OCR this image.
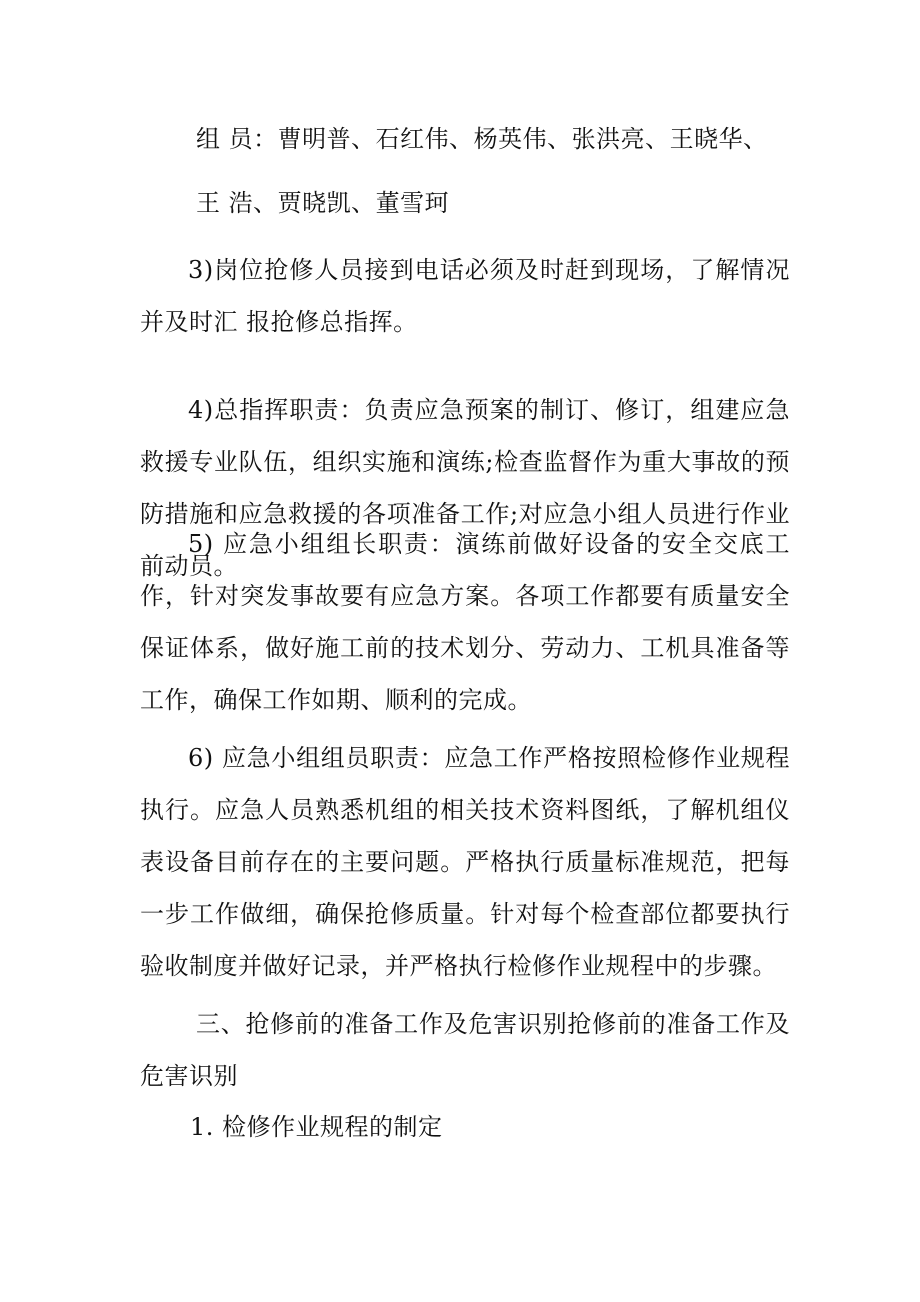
组 员：曹明普、石红伟、杨英伟、张洪亮、王晓华、
王 浩、贾晓凯、董雪珂
3)岗位抢修人员接到电话必须及时赶到现场，了解情况并及时汇 报抢修总指挥。
4)总指挥职责：负责应急预案的制订、修订，组建应急救援专业队伍，组织实施和演练;检查监督作为重大事故的预防措施和应急救援的各项准备工作;对应急小组人员进行作业前动员。
5) 应急小组组长职责：演练前做好设备的安全交底工作，针对突发事故要有应急方案。各项工作都要有质量安全保证体系，做好施工前的技术划分、劳动力、工机具准备等工作，确保工作如期、顺利的完成。
6) 应急小组组员职责：应急工作严格按照检修作业规程执行。应急人员熟悉机组的相关技术资料图纸，了解机组仪表设备目前存在的主要问题。严格执行质量标准规范，把每一步工作做细，确保抢修质量。针对每个检查部位都要执行验收制度并做好记录，并严格执行检修作业规程中的步骤。
三、抢修前的准备工作及危害识别抢修前的准备工作及危害识别
1. 检修作业规程的制定
